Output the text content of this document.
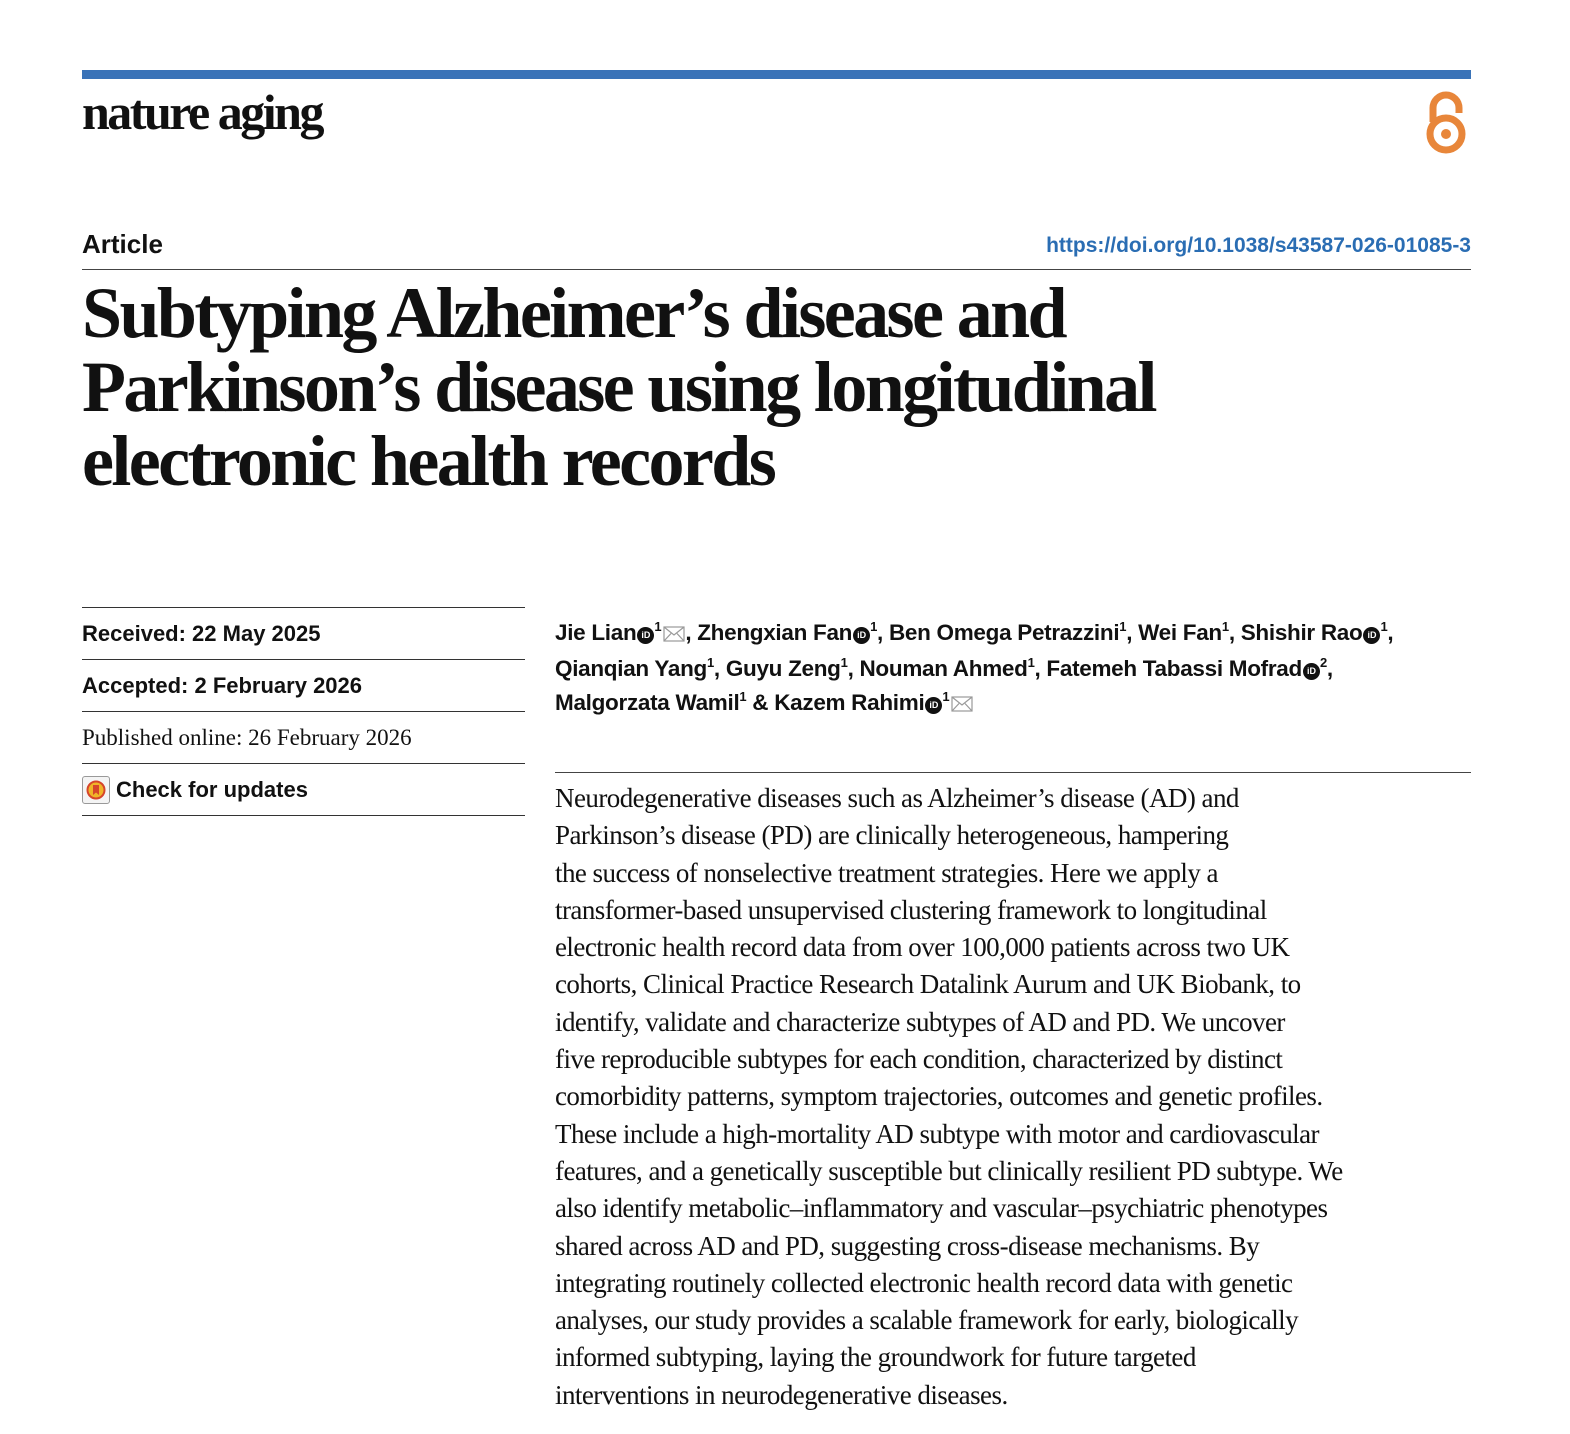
nature aging
Article	https://doi.org/10.1038/s43587-026-01085-3
Subtyping Alzheimer’s disease and
Parkinson’s disease using longitudinal
electronic health records
Received: 22 May 2025
Accepted: 2 February 2026
Published online: 26 February 2026
Check for updates
Jie Lian $iD^1$ , Zhengxian Fan $iD^1$, Ben Omega Petrazzini$^1$, Wei Fan$^1$, Shishir Rao $iD^1$,
Qianqian Yang$^1$, Guyu Zeng$^1$, Nouman Ahmed$^1$, Fatemeh Tabassi Mofrad $iD^2$,
Malgorzata Wamil$^1$ & Kazem Rahimi $iD^1$
Neurodegenerative diseases such as Alzheimer’s disease (AD) and
Parkinson’s disease (PD) are clinically heterogeneous, hampering
the success of nonselective treatment strategies. Here we apply a
transformer-based unsupervised clustering framework to longitudinal
electronic health record data from over 100,000 patients across two UK
cohorts, Clinical Practice Research Datalink Aurum and UK Biobank, to
identify, validate and characterize subtypes of AD and PD. We uncover
five reproducible subtypes for each condition, characterized by distinct
comorbidity patterns, symptom trajectories, outcomes and genetic profiles.
These include a high-mortality AD subtype with motor and cardiovascular
features, and a genetically susceptible but clinically resilient PD subtype. We
also identify metabolic–inflammatory and vascular–psychiatric phenotypes
shared across AD and PD, suggesting cross-disease mechanisms. By
integrating routinely collected electronic health record data with genetic
analyses, our study provides a scalable framework for early, biologically
informed subtyping, laying the groundwork for future targeted
interventions in neurodegenerative diseases.
